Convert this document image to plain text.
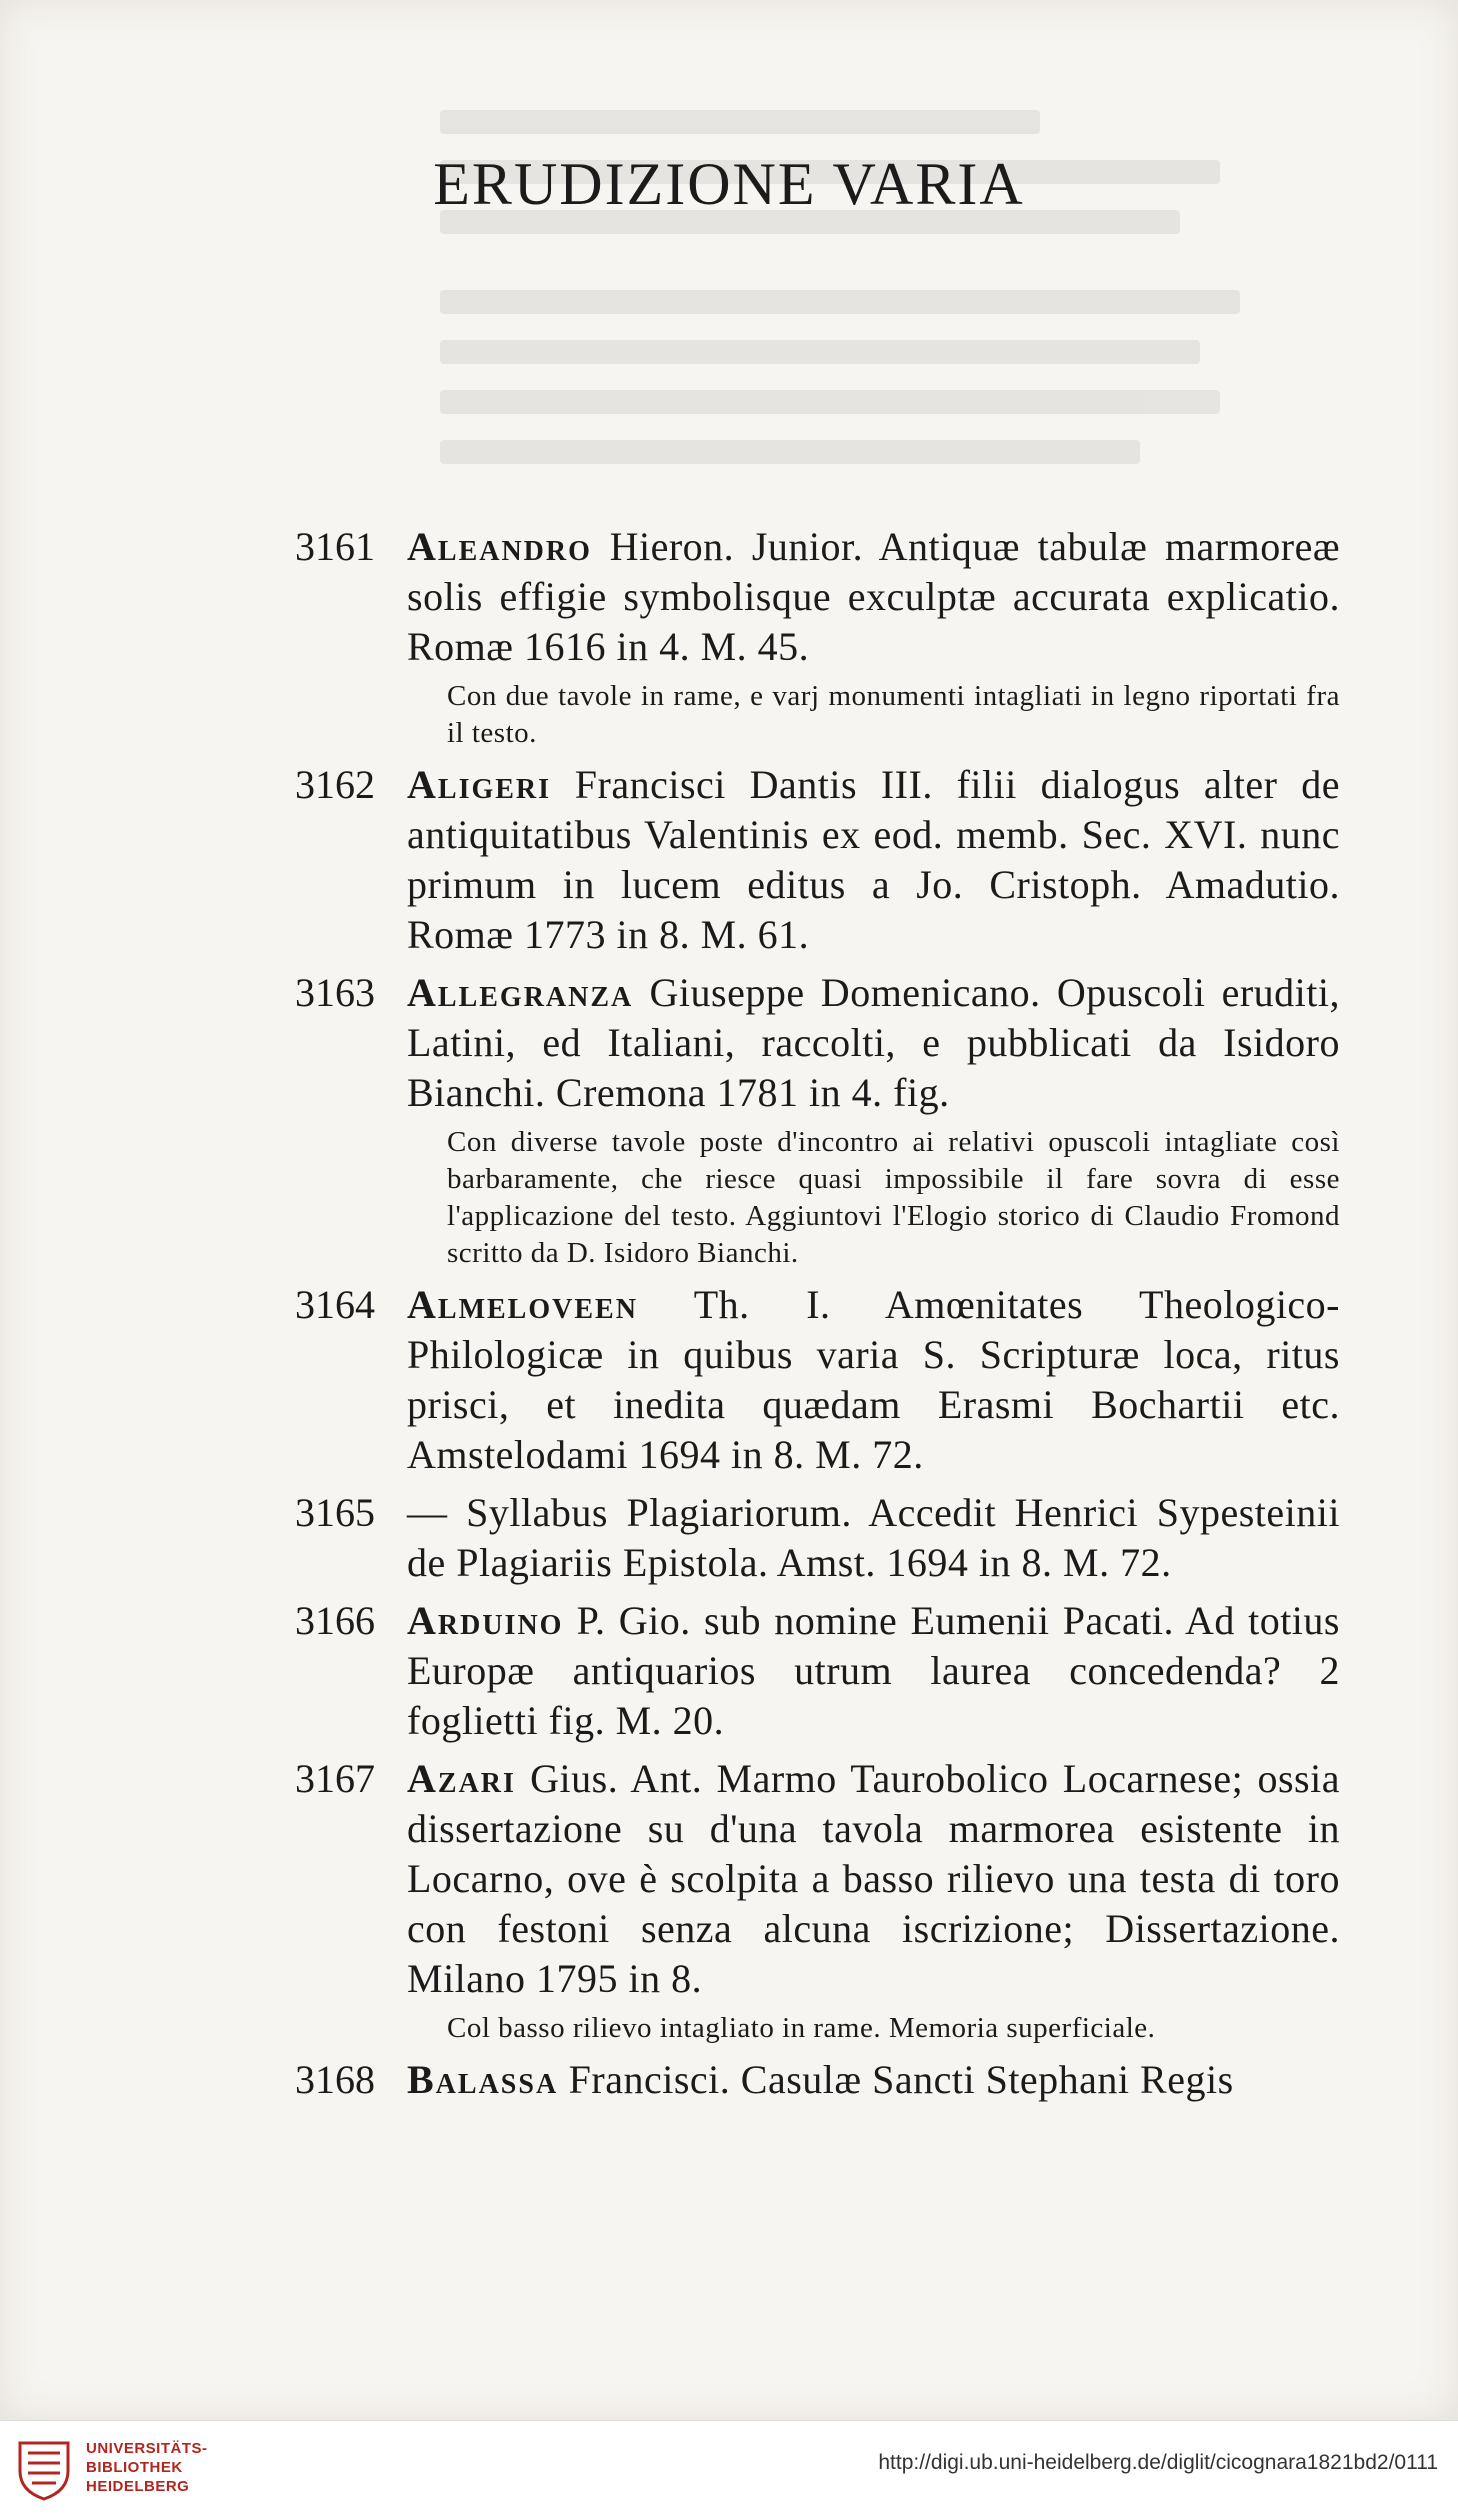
ERUDIZIONE VARIA
3161 Aleandro Hieron. Junior. Antiquæ tabulæ marmoreæ solis effigie symbolisque exculptæ accurata explicatio. Romæ 1616 in 4. M. 45.
Con due tavole in rame, e varj monumenti intagliati in legno riportati fra il testo.
3162 Aligeri Francisci Dantis III. filii dialogus alter de antiquitatibus Valentinis ex eod. memb. Sec. XVI. nunc primum in lucem editus a Jo. Cristoph. Amadutio. Romæ 1773 in 8. M. 61.
3163 Allegranza Giuseppe Domenicano. Opuscoli eruditi, Latini, ed Italiani, raccolti, e pubblicati da Isidoro Bianchi. Cremona 1781 in 4. fig.
Con diverse tavole poste d'incontro ai relativi opuscoli intagliate così barbaramente, che riesce quasi impossibile il fare sovra di esse l'applicazione del testo. Aggiuntovi l'Elogio storico di Claudio Fromond scritto da D. Isidoro Bianchi.
3164 Almeloveen Th. I. Amœnitates Theologico-Philologicæ in quibus varia S. Scripturæ loca, ritus prisci, et inedita quædam Erasmi Bochartii etc. Amstelodami 1694 in 8. M. 72.
3165 — Syllabus Plagiariorum. Accedit Henrici Sypesteinii de Plagiariis Epistola. Amst. 1694 in 8. M. 72.
3166 Arduino P. Gio. sub nomine Eumenii Pacati. Ad totius Europæ antiquarios utrum laurea concedenda? 2 foglietti fig. M. 20.
3167 Azari Gius. Ant. Marmo Taurobolico Locarnese; ossia dissertazione su d'una tavola marmorea esistente in Locarno, ove è scolpita a basso rilievo una testa di toro con festoni senza alcuna iscrizione; Dissertazione. Milano 1795 in 8.
Col basso rilievo intagliato in rame. Memoria superficiale.
3168 Balassa Francisci. Casulæ Sancti Stephani Regis
UNIVERSITÄTS-
BIBLIOTHEK
HEIDELBERG
http://digi.ub.uni-heidelberg.de/diglit/cicognara1821bd2/0111
